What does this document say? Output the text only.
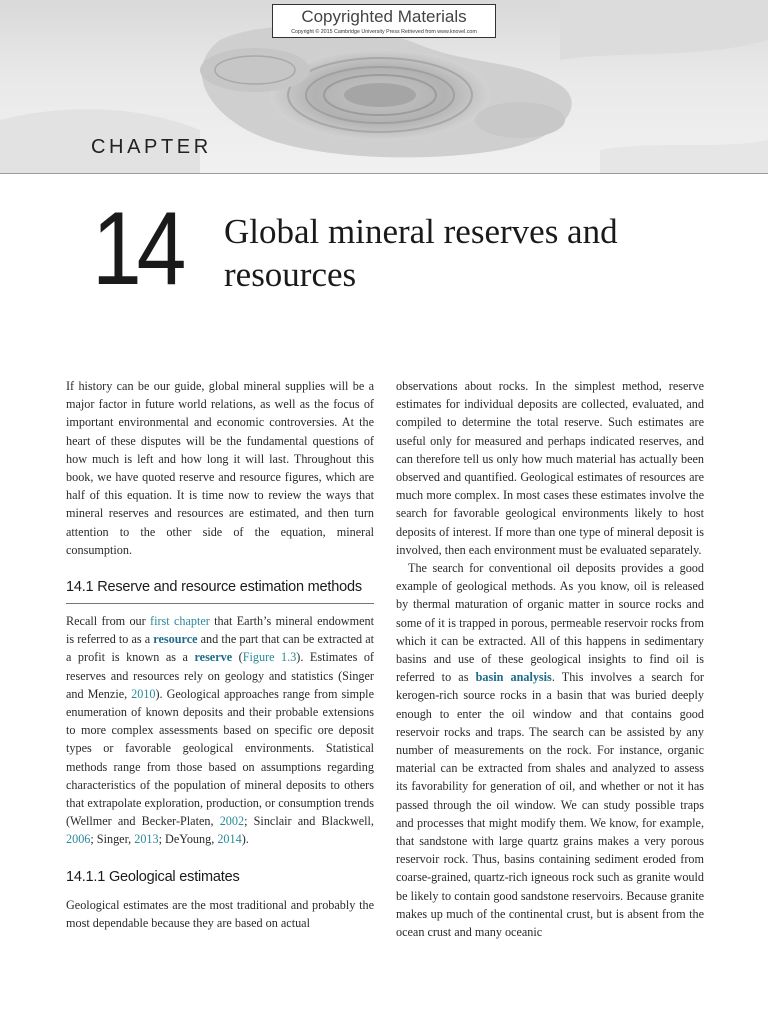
Copyrighted Materials
Copyright © 2015 Cambridge University Press Retrieved from www.knovel.com
CHAPTER
14 Global mineral reserves and resources

If history can be our guide, global mineral supplies will be a major factor in future world relations, as well as the focus of important environmental and economic controversies. At the heart of these disputes will be the fundamental questions of how much is left and how long it will last. Throughout this book, we have quoted reserve and resource figures, which are half of this equation. It is time now to review the ways that mineral reserves and resources are estimated, and then turn attention to the other side of the equation, mineral consumption.

14.1 Reserve and resource estimation methods

Recall from our first chapter that Earth’s mineral endowment is referred to as a resource and the part that can be extracted at a profit is known as a reserve (Figure 1.3). Estimates of reserves and resources rely on geology and statistics (Singer and Menzie, 2010). Geological approaches range from simple enumeration of known deposits and their probable extensions to more complex assessments based on specific ore deposit types or favorable geological environments. Statistical methods range from those based on assumptions regarding characteristics of the population of mineral deposits to others that extrapolate exploration, production, or consumption trends (Wellmer and Becker-Platen, 2002; Sinclair and Blackwell, 2006; Singer, 2013; DeYoung, 2014).

14.1.1 Geological estimates

Geological estimates are the most traditional and probably the most dependable because they are based on actual

observations about rocks. In the simplest method, reserve estimates for individual deposits are collected, evaluated, and compiled to determine the total reserve. Such estimates are useful only for measured and perhaps indicated reserves, and can therefore tell us only how much material has actually been observed and quantified. Geological estimates of resources are much more complex. In most cases these estimates involve the search for favorable geological environments likely to host deposits of interest. If more than one type of mineral deposit is involved, then each environment must be evaluated separately.

The search for conventional oil deposits provides a good example of geological methods. As you know, oil is released by thermal maturation of organic matter in source rocks and some of it is trapped in porous, permeable reservoir rocks from which it can be extracted. All of this happens in sedimentary basins and use of these geological insights to find oil is referred to as basin analysis. This involves a search for kerogen-rich source rocks in a basin that was buried deeply enough to enter the oil window and that contains good reservoir rocks and traps. The search can be assisted by any number of measurements on the rock. For instance, organic material can be extracted from shales and analyzed to assess its favorability for generation of oil, and whether or not it has passed through the oil window. We can study possible traps and processes that might modify them. We know, for example, that sandstone with large quartz grains makes a very porous reservoir rock. Thus, basins containing sediment eroded from coarse-grained, quartz-rich igneous rock such as granite would be likely to contain good sandstone reservoirs. Because granite makes up much of the continental crust, but is absent from the ocean crust and many oceanic
